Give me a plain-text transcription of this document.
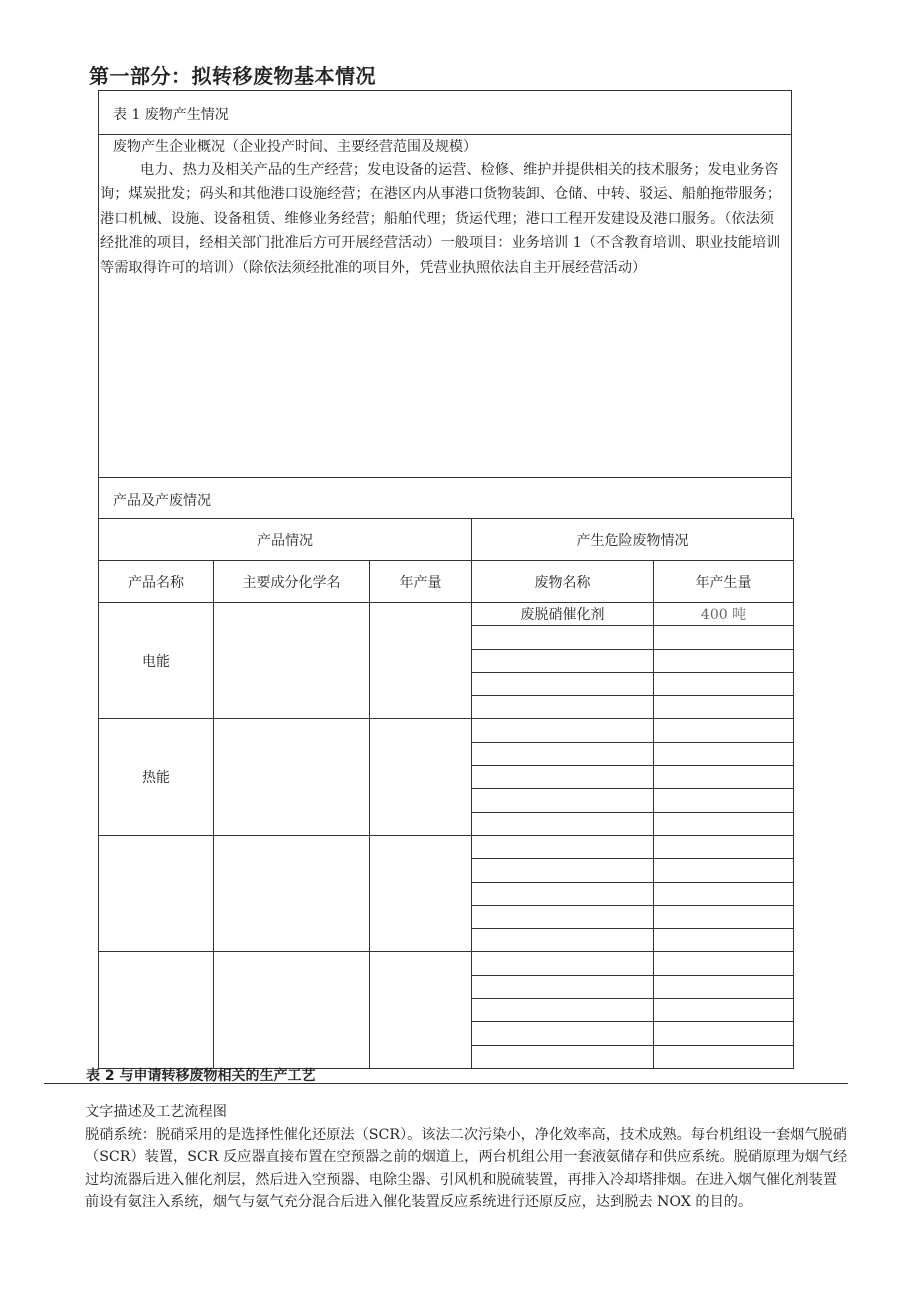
第一部分：拟转移废物基本情况
表 1 废物产生情况
废物产生企业概况（企业投产时间、主要经营范围及规模）
电力、热力及相关产品的生产经营；发电设备的运营、检修、维护并提供相关的技术服务；发电业务咨询；煤炭批发；码头和其他港口设施经营；在港区内从事港口货物装卸、仓储、中转、驳运、船舶拖带服务；港口机械、设施、设备租赁、维修业务经营；船舶代理；货运代理；港口工程开发建设及港口服务。（依法须经批准的项目，经相关部门批准后方可开展经营活动）一般项目：业务培训 1（不含教育培训、职业技能培训等需取得许可的培训）（除依法须经批准的项目外，凭营业执照依法自主开展经营活动）
产品及产废情况
产品情况			产生危险废物情况	
产品名称	主要成分化学名	年产量	废物名称	年产生量
电能			废脱硝催化剂	400 吨

热能				

表 2 与申请转移废物相关的生产工艺
文字描述及工艺流程图
脱硝系统：脱硝采用的是选择性催化还原法（SCR）。该法二次污染小，净化效率高，技术成熟。每台机组设一套烟气脱硝（SCR）装置，SCR 反应器直接布置在空预器之前的烟道上，两台机组公用一套液氨储存和供应系统。脱硝原理为烟气经过均流器后进入催化剂层，然后进入空预器、电除尘器、引风机和脱硫装置，再排入冷却塔排烟。在进入烟气催化剂装置前设有氨注入系统，烟气与氨气充分混合后进入催化装置反应系统进行还原反应，达到脱去 NOX 的目的。
